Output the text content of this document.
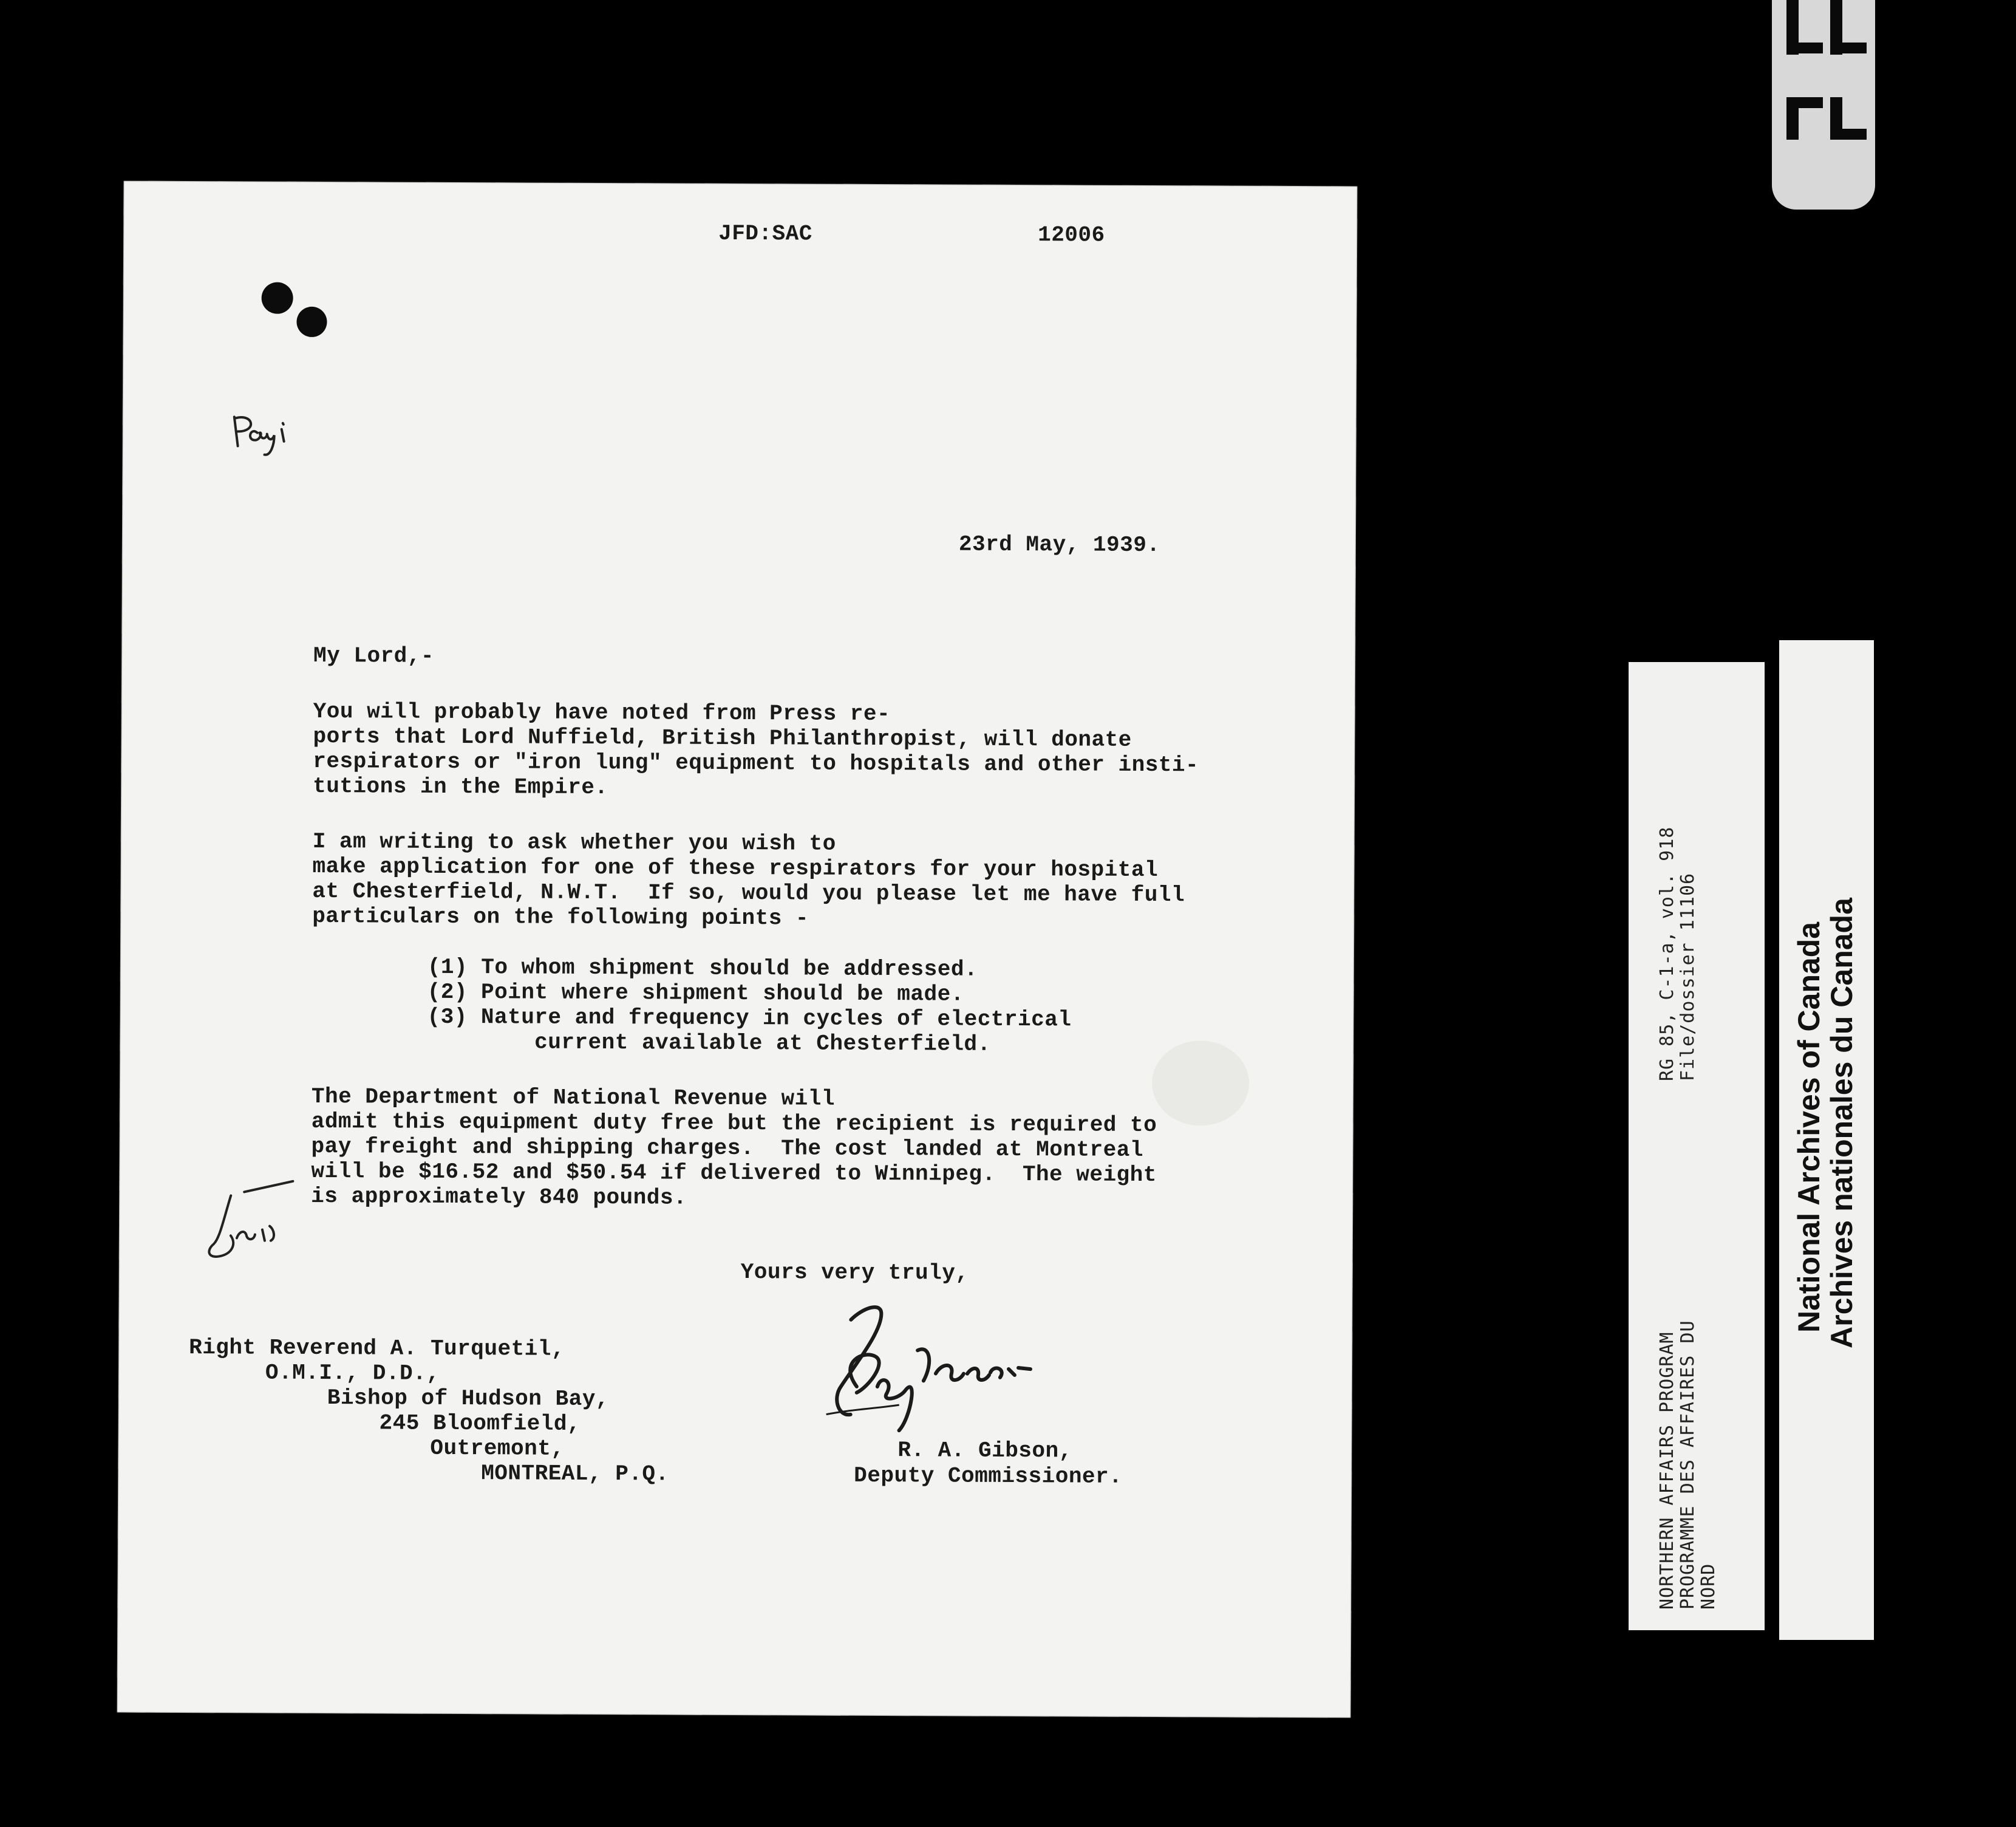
JFD:SAC	12006
23rd May, 1939.
My Lord,-
You will probably have noted from Press re-
ports that Lord Nuffield, British Philanthropist, will donate
respirators or "iron lung" equipment to hospitals and other insti-
tutions in the Empire.
I am writing to ask whether you wish to
make application for one of these respirators for your hospital
at Chesterfield, N.W.T.  If so, would you please let me have full
particulars on the following points -
(1) To whom shipment should be addressed.
(2) Point where shipment should be made.
(3) Nature and frequency in cycles of electrical
current available at Chesterfield.
The Department of National Revenue will
admit this equipment duty free but the recipient is required to
pay freight and shipping charges.  The cost landed at Montreal
will be $16.52 and $50.54 if delivered to Winnipeg.  The weight
is approximately 840 pounds.
Yours very truly,
Right Reverend A. Turquetil,
O.M.I., D.D.,
Bishop of Hudson Bay,
245 Bloomfield,
Outremont,
MONTREAL, P.Q.
R. A. Gibson,
Deputy Commissioner.	NORTHERN AFFAIRS PROGRAM PROGRAMME DES AFFAIRES DU NORD
RG 85, C-1-a, vol. 918 File/dossier 11106	National Archives of Canada
Archives nationales du Canada
